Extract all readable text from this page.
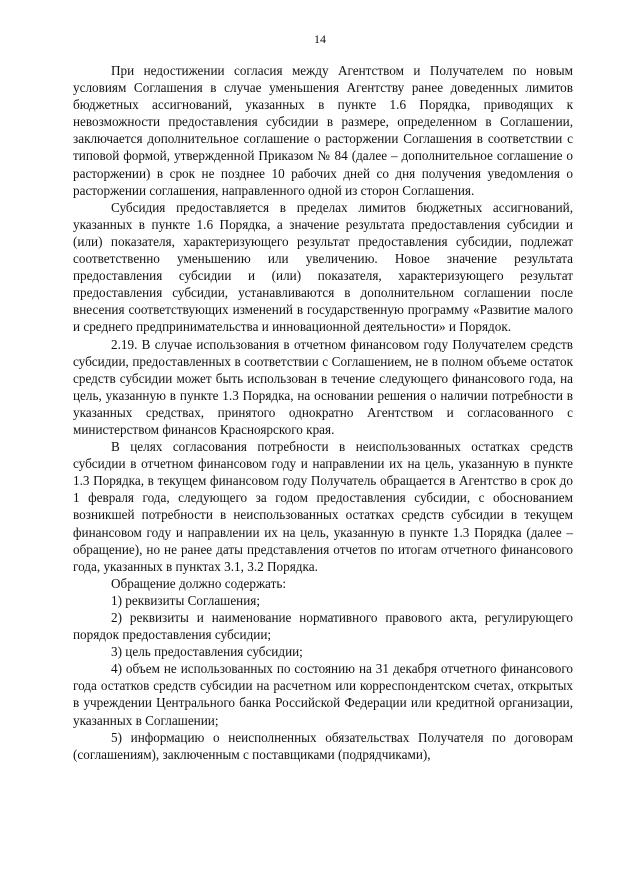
14

При недостижении согласия между Агентством и Получателем по новым условиям Соглашения в случае уменьшения Агентству ранее доведенных лимитов бюджетных ассигнований, указанных в пункте 1.6 Порядка, приводящих к невозможности предоставления субсидии в размере, определенном в Соглашении, заключается дополнительное соглашение о расторжении Соглашения в соответствии с типовой формой, утвержденной Приказом № 84 (далее – дополнительное соглашение о расторжении) в срок не позднее 10 рабочих дней со дня получения уведомления о расторжении соглашения, направленного одной из сторон Соглашения.

Субсидия предоставляется в пределах лимитов бюджетных ассигнований, указанных в пункте 1.6 Порядка, а значение результата предоставления субсидии и (или) показателя, характеризующего результат предоставления субсидии, подлежат соответственно уменьшению или увеличению. Новое значение результата предоставления субсидии и (или) показателя, характеризующего результат предоставления субсидии, устанавливаются в дополнительном соглашении после внесения соответствующих изменений в государственную программу «Развитие малого и среднего предпринимательства и инновационной деятельности» и Порядок.

2.19. В случае использования в отчетном финансовом году Получателем средств субсидии, предоставленных в соответствии с Соглашением, не в полном объеме остаток средств субсидии может быть использован в течение следующего финансового года, на цель, указанную в пункте 1.3 Порядка, на основании решения о наличии потребности в указанных средствах, принятого однократно Агентством и согласованного с министерством финансов Красноярского края.

В целях согласования потребности в неиспользованных остатках средств субсидии в отчетном финансовом году и направлении их на цель, указанную в пункте 1.3 Порядка, в текущем финансовом году Получатель обращается в Агентство в срок до 1 февраля года, следующего за годом предоставления субсидии, с обоснованием возникшей потребности в неиспользованных остатках средств субсидии в текущем финансовом году и направлении их на цель, указанную в пункте 1.3 Порядка (далее – обращение), но не ранее даты представления отчетов по итогам отчетного финансового года, указанных в пунктах 3.1, 3.2 Порядка.

Обращение должно содержать:

1) реквизиты Соглашения;

2) реквизиты и наименование нормативного правового акта, регулирующего порядок предоставления субсидии;

3) цель предоставления субсидии;

4) объем не использованных по состоянию на 31 декабря отчетного финансового года остатков средств субсидии на расчетном или корреспондентском счетах, открытых в учреждении Центрального банка Российской Федерации или кредитной организации, указанных в Соглашении;

5) информацию о неисполненных обязательствах Получателя по договорам (соглашениям), заключенным с поставщиками (подрядчиками),
